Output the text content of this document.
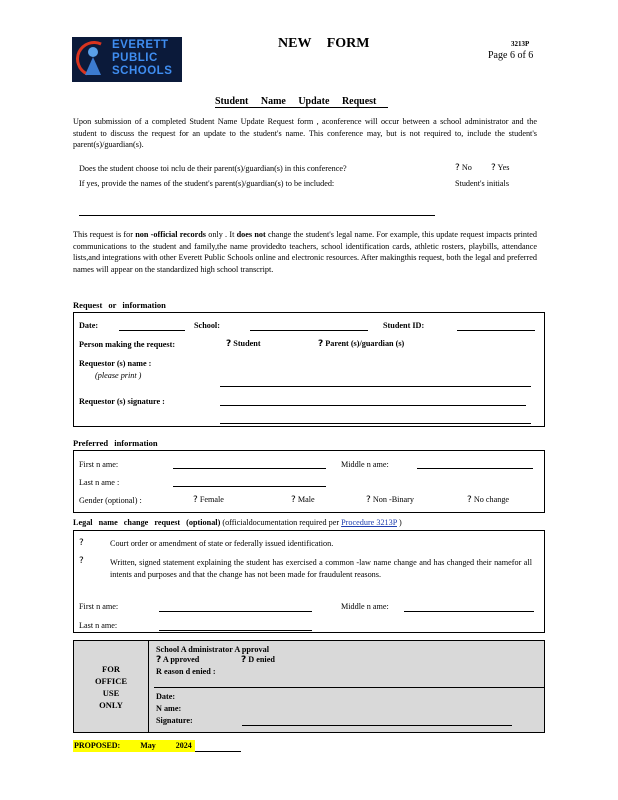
EVERETT
PUBLIC
SCHOOLS
NEW FORM	3213P
Page 6 of 6
Student Name Update Request
Upon submission of a completed Student Name Update Request form , aconference will occur between a school administrator and the student to discuss the request for an update to the student's name. This conference may, but is not required to, include the student's parent(s)/guardian(s).
Does the student choose toi nclu de their parent(s)/guardian(s) in this conference?	? No ? Yes
If yes, provide the names of the student's parent(s)/guardian(s) to be included:	Student's initials
This request is for non -official records only . It does not change the student's legal name. For example, this update request impacts printed communications to the student and family,the name providedto teachers, school identification cards, athletic rosters, playbills, attendance lists,and integrations with other Everett Public Schools online and electronic resources. After makingthis request, both the legal and preferred names will appear on the standardized high school transcript.
Request or information
Date:	School:	Student ID:
Person making the request:	? Student	? Parent (s)/guardian (s)
Requestor (s) name :
(please print )
Requestor (s) signature :
Preferred information
First n ame:	Middle n ame:
Last n ame :
Gender (optional) :	? Female	? Male	? Non -Binary	? No change
Legal name change request (optional) (officialdocumentation required per Procedure 3213P )
?	Court order or amendment of state or federally issued identification.
?	Written, signed statement explaining the student has exercised a common -law name change and has changed their namefor all intents and purposes and that the change has not been made for fraudulent reasons.
First n ame:	Middle n ame:
Last n ame:
FOR
OFFICE
USE
ONLY
School A dministrator A pproval
? A pproved	? D enied
R eason d enied :
Date:
N ame:
Signature:
PROPOSED:	May	2024
